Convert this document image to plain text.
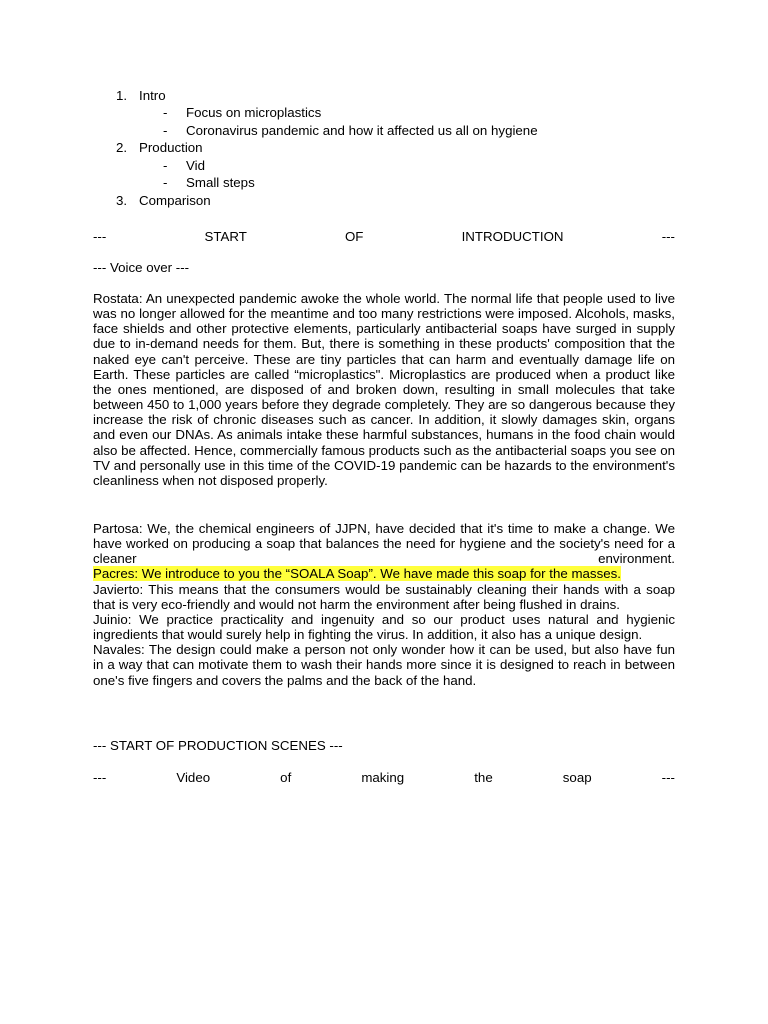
1. Intro
- Focus on microplastics
- Coronavirus pandemic and how it affected us all on hygiene
2. Production
- Vid
- Small steps
3. Comparison
---	START	OF	INTRODUCTION	---
--- Voice over ---

Rostata: An unexpected pandemic awoke the whole world. The normal life that people used to live was no longer allowed for the meantime and too many restrictions were imposed. Alcohols, masks, face shields and other protective elements, particularly antibacterial soaps have surged in supply due to in-demand needs for them. But, there is something in these products' composition that the naked eye can't perceive. These are tiny particles that can harm and eventually damage life on Earth. These particles are called “microplastics". Microplastics are produced when a product like the ones mentioned, are disposed of and broken down, resulting in small molecules that take between 450 to 1,000 years before they degrade completely. They are so dangerous because they increase the risk of chronic diseases such as cancer. In addition, it slowly damages skin, organs and even our DNAs. As animals intake these harmful substances, humans in the food chain would also be affected. Hence, commercially famous products such as the antibacterial soaps you see on TV and personally use in this time of the COVID-19 pandemic can be hazards to the environment's cleanliness when not disposed properly.

Partosa: We, the chemical engineers of JJPN, have decided that it's time to make a change. We have worked on producing a soap that balances the need for hygiene and the society's need for a cleaner environment.

Pacres: We introduce to you the “SOALA Soap”. We have made this soap for the masses.

Javierto: This means that the consumers would be sustainably cleaning their hands with a soap that is very eco-friendly and would not harm the environment after being flushed in drains.

Juinio: We practice practicality and ingenuity and so our product uses natural and hygienic ingredients that would surely help in fighting the virus. In addition, it also has a unique design.

Navales: The design could make a person not only wonder how it can be used, but also have fun in a way that can motivate them to wash their hands more since it is designed to reach in between one's five fingers and covers the palms and the back of the hand.

--- START OF PRODUCTION SCENES ---
---	Video	of	making	the	soap	---
